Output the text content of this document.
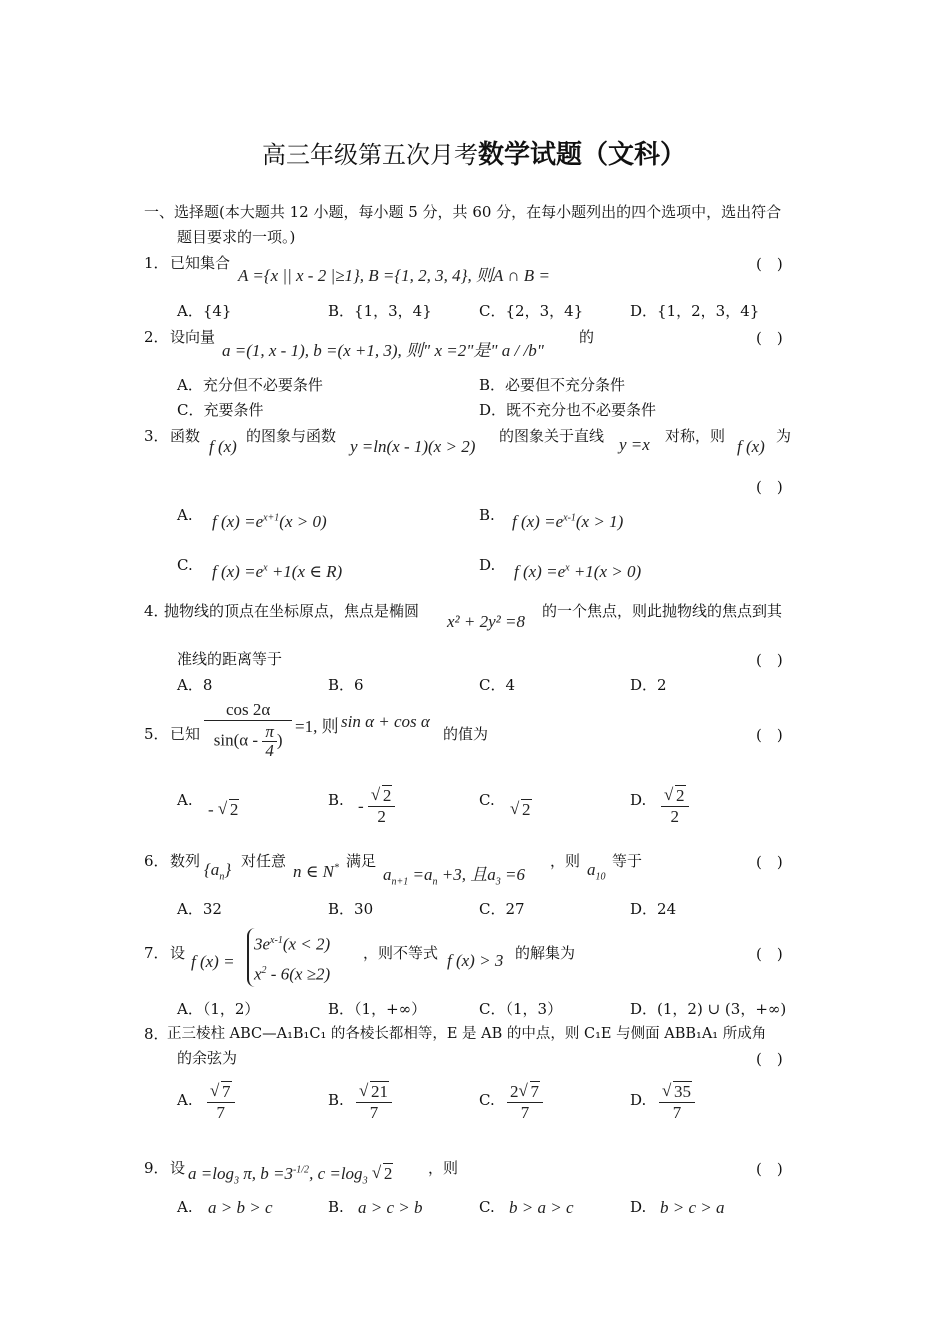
高三年级第五次月考数学试题（文科）
一、选择题(本大题共 12 小题，每小题 5 分，共 60 分，在每小题列出的四个选项中，选出符合
题目要求的一项。)
1． 已知集合
A ={x || x - 2 |≥1}, B ={1, 2, 3, 4}, 则A ∩ B =
(　)
A．{4}	B．{1，3，4}	C．{2，3，4}	D．{1，2，3，4}
2． 设向量
a =(1, x - 1), b =(x +1, 3), 则" x =2"是" a / /b"
的	(　)
A．充分但不必要条件	B．必要但不充分条件
C．充要条件	D．既不充分也不必要条件
3． 函数
f (x)
的图象与函数
y =ln(x - 1)(x > 2)
的图象关于直线 y =x 对称，则
f (x)
为
(　)
A. f $(x) =e^{x+1}(x > 0)$	B. f $(x) =e^{x-1}(x > 1)$
C. f $(x) =e^x +1(x$ ∈ R)	D. f $(x) =e^x +1(x > 0)$
4．
抛物线的顶点在坐标原点，焦点是椭圆
x² + 2y² =8
的一个焦点，则此抛物线的焦点到其
准线的距离等于	(　)
A．8	B．6	C．4	D．2
5． 已知 $\frac{\cos 2\alpha}{\sin(\alpha - \frac{\pi}{4} )} =1$, 则 sin α + cos α
的值为	(　)
A. - √ 2	B. - √ $\frac{2}{2}$	C.	√ 2	D. √ $\frac{2}{2}$
6． 数列 $\{a_n\}$ 对任意
n ∈ N* 满足
$a_{n+1} =a_n +3$, 且$a_3 =6$
，则 $a_{10}$
等于	(　)
A．32	B．30	C．27	D．24
7． 设 f (x) =
$3e^{x-1}(x < 2)$
$x^2 - 6(x \ge 2)$
，则不等式 f (x) > 3 的解集为	(　)
A．（1，2）	B．（1，+∞）	C．（1，3）	D．(1，2) ∪ (3，+∞)
8．
正三棱柱 ABC—A₁B₁C₁ 的各棱长都相等，E 是 AB 的中点，则 C₁E 与侧面 ABB₁A₁ 所成角
的余弦为	(　)
A. √ $\frac{7}{7}$	B. √ $\frac{21}{7}$	C. $\frac{2 √ 7}{7}$	D. √ $\frac{35}{7}$
9． 设 $a =\log_3$ π, $b =3^{-1/2}$, $c =\log_3$ √ 2 ，则	(　)
A. a > b > c	B. a > c > b	C. b > a > c	D. b > c > a
